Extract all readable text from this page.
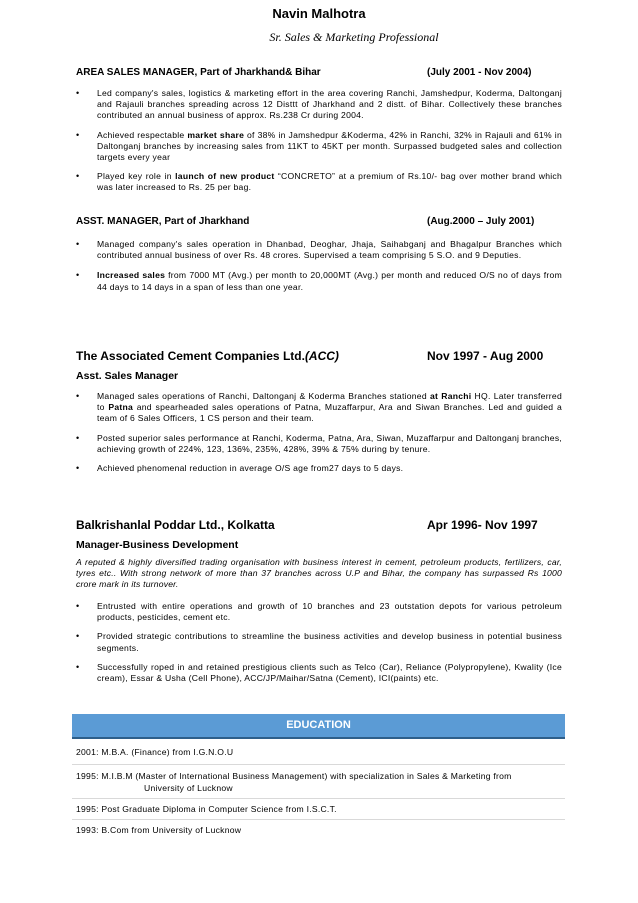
Navin Malhotra
Sr. Sales & Marketing Professional
AREA SALES MANAGER, Part of Jharkhand& Bihar	(July 2001 - Nov 2004)
• Led company's sales, logistics & marketing effort in the area covering Ranchi, Jamshedpur, Koderma, Daltonganj and Rajauli branches spreading across 12 Disttt of Jharkhand and 2 distt. of Bihar. Collectively these branches contributed an annual business of approx. Rs.238 Cr during 2004.
• Achieved respectable market share of 38% in Jamshedpur &Koderma, 42% in Ranchi, 32% in Rajauli and 61% in Daltonganj branches by increasing sales from 11KT to 45KT per month. Surpassed budgeted sales and collection targets every year
• Played key role in launch of new product “CONCRETO” at a premium of Rs.10/- bag over mother brand which was later increased to Rs. 25 per bag.
ASST. MANAGER, Part of Jharkhand	(Aug.2000 – July 2001)
• Managed company's sales operation in Dhanbad, Deoghar, Jhaja, Saihabganj and Bhagalpur Branches which contributed annual business of over Rs. 48 crores. Supervised a team comprising 5 S.O. and 9 Deputies.
• Increased sales from 7000 MT (Avg.) per month to 20,000MT (Avg.) per month and reduced O/S no of days from 44 days to 14 days in a span of less than one year.
The Associated Cement Companies Ltd.(ACC)	Nov 1997 - Aug 2000
Asst. Sales Manager
• Managed sales operations of Ranchi, Daltonganj & Koderma Branches stationed at Ranchi HQ. Later transferred to Patna and spearheaded sales operations of Patna, Muzaffarpur, Ara and Siwan Branches. Led and guided a team of 6 Sales Officers, 1 CS person and their team.
• Posted superior sales performance at Ranchi, Koderma, Patna, Ara, Siwan, Muzaffarpur and Daltonganj branches, achieving growth of 224%, 123, 136%, 235%, 428%, 39% & 75% during by tenure.
• Achieved phenomenal reduction in average O/S age from27 days to 5 days.
Balkrishanlal Poddar Ltd., Kolkatta	Apr 1996- Nov 1997
Manager-Business Development
A reputed & highly diversified trading organisation with business interest in cement, petroleum products, fertilizers, car, tyres etc.. With strong network of more than 37 branches across U.P and Bihar, the company has surpassed Rs 1000 crore mark in its turnover.
• Entrusted with entire operations and growth of 10 branches and 23 outstation depots for various petroleum products, pesticides, cement etc.
• Provided strategic contributions to streamline the business activities and develop business in potential business segments.
• Successfully roped in and retained prestigious clients such as Telco (Car), Reliance (Polypropylene), Kwality (Ice cream), Essar & Usha (Cell Phone), ACC/JP/Maihar/Satna (Cement), ICI(paints) etc.
EDUCATION
2001: M.B.A. (Finance) from I.G.N.O.U
1995: M.I.B.M (Master of International Business Management) with specialization in Sales & Marketing from
University of Lucknow
1995: Post Graduate Diploma in Computer Science from I.S.C.T.
1993: B.Com from University of Lucknow
